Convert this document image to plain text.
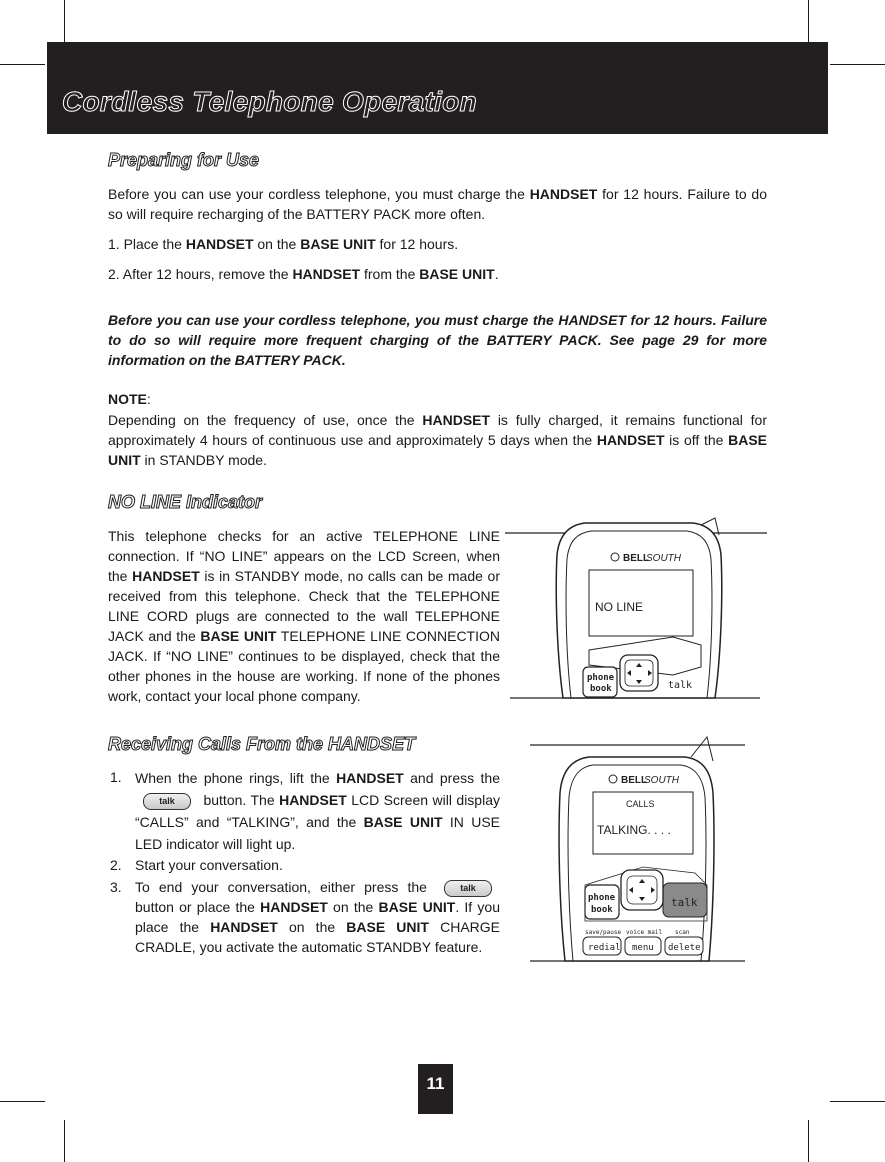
Cordless Telephone Operation
Preparing for Use

Before you can use your cordless telephone, you must charge the HANDSET for 12 hours. Failure to do so will require recharging of the BATTERY PACK more often.

1. Place the HANDSET on the BASE UNIT for 12 hours.

2. After 12 hours, remove the HANDSET from the BASE UNIT.

Before you can use your cordless telephone, you must charge the HANDSET for 12 hours. Failure to do so will require more frequent charging of the BATTERY PACK. See page 29 for more information on the BATTERY PACK.

NOTE:

Depending on the frequency of use, once the HANDSET is fully charged, it remains functional for approximately 4 hours of continuous use and approximately 5 days when the HANDSET is off the BASE UNIT in STANDBY mode.

NO LINE Indicator

This telephone checks for an active TELEPHONE LINE connection. If “NO LINE” appears on the LCD Screen, when the HANDSET is in STANDBY mode, no calls can be made or received from this telephone. Check that the TELEPHONE LINE CORD plugs are connected to the wall TELEPHONE JACK and the BASE UNIT TELEPHONE LINE CONNECTION JACK. If “NO LINE” continues to be displayed, check that the other phones in the house are working. If none of the phones work, contact your local phone company.

Receiving Calls From the HANDSET
1. When the phone rings, lift the HANDSET and press the talk button. The HANDSET LCD Screen will display “CALLS” and “TALKING”, and the BASE UNIT IN USE LED indicator will light up.
2. Start your conversation.
3. To end your conversation, either press the	talk button or place the HANDSET on the BASE UNIT. If you place the HANDSET on the BASE UNIT CHARGE CRADLE, you activate the automatic STANDBY feature.
BELL
SOUTH
NO LINE
phone
book	talk
BELL
SOUTH
CALLS
TALKING. . . .
talk
phone
book
save/pause voice mail scan
redial menu delete
11
